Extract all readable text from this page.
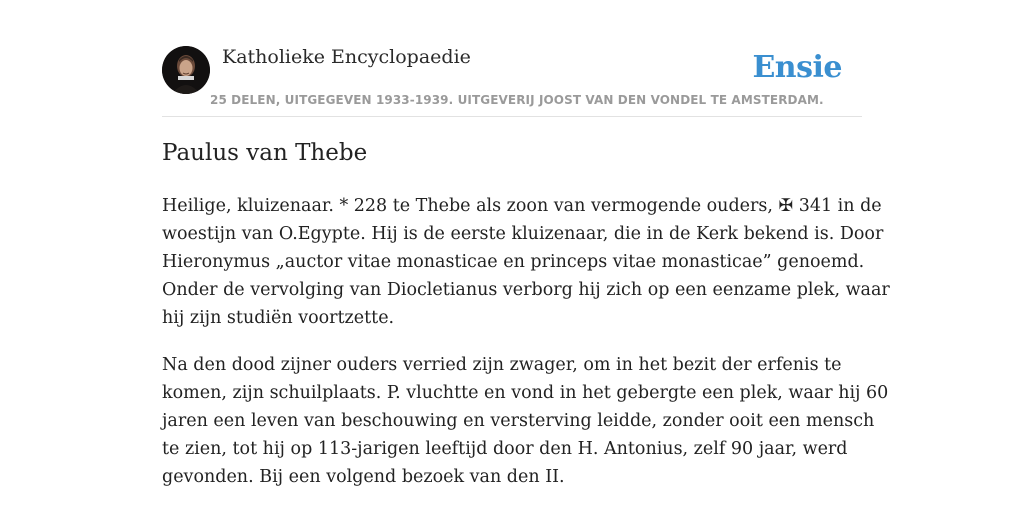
Katholieke Encyclopaedie	Ensie
25 DELEN, UITGEGEVEN 1933-1939. UITGEVERIJ JOOST VAN DEN VONDEL TE AMSTERDAM.
Paulus van Thebe

Heilige, kluizenaar. * 228 te Thebe als zoon van vermogende ouders, ✠ 341 in de
woestijn van O.Egypte. Hij is de eerste kluizenaar, die in de Kerk bekend is. Door
Hieronymus „auctor vitae monasticae en princeps vitae monasticae” genoemd.
Onder de vervolging van Diocletianus verborg hij zich op een eenzame plek, waar
hij zijn studiën voortzette.

Na den dood zijner ouders verried zijn zwager, om in het bezit der erfenis te
komen, zijn schuilplaats. P. vluchtte en vond in het gebergte een plek, waar hij 60
jaren een leven van beschouwing en versterving leidde, zonder ooit een mensch
te zien, tot hij op 113-jarigen leeftijd door den H. Antonius, zelf 90 jaar, werd
gevonden. Bij een volgend bezoek van den II.
